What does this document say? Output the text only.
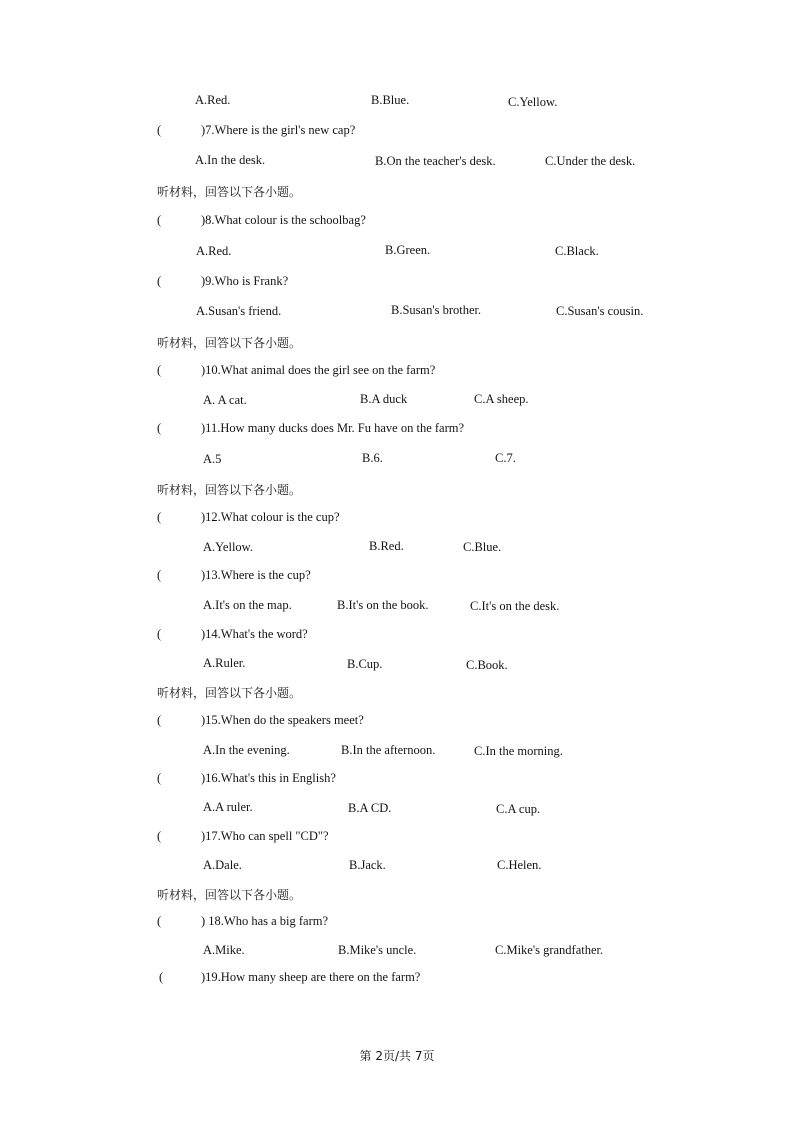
A.Red.	B.Blue.	C.Yellow.
(	)7.Where is the girl's new cap?
A.In the desk.	B.On the teacher's desk.	C.Under the desk.
听材料，回答以下各小题。
(	)8.What colour is the schoolbag?
A.Red.	B.Green.	C.Black.
(	)9.Who is Frank?
A.Susan's friend.	B.Susan's brother.	C.Susan's cousin.
听材料，回答以下各小题。
(	)10.What animal does the girl see on the farm?
A. A cat.	B.A duck	C.A sheep.
(	)11.How many ducks does Mr. Fu have on the farm?
A.5	B.6.	C.7.
听材料，回答以下各小题。
(	)12.What colour is the cup?
A.Yellow.	B.Red.	C.Blue.
(	)13.Where is the cup?
A.It's on the map.	B.It's on the book.	C.It's on the desk.
(	)14.What's the word?
A.Ruler.	B.Cup.	C.Book.
听材料，回答以下各小题。
(	)15.When do the speakers meet?
A.In the evening.	B.In the afternoon.	C.In the morning.
(	)16.What's this in English?
A.A ruler.	B.A CD.	C.A cup.
(	)17.Who can spell "CD"?
A.Dale.	B.Jack.	C.Helen.
听材料，回答以下各小题。
(	) 18.Who has a big farm?
A.Mike.	B.Mike's uncle.	C.Mike's grandfather.
(	)19.How many sheep are there on the farm?
第 2页/共 7页
